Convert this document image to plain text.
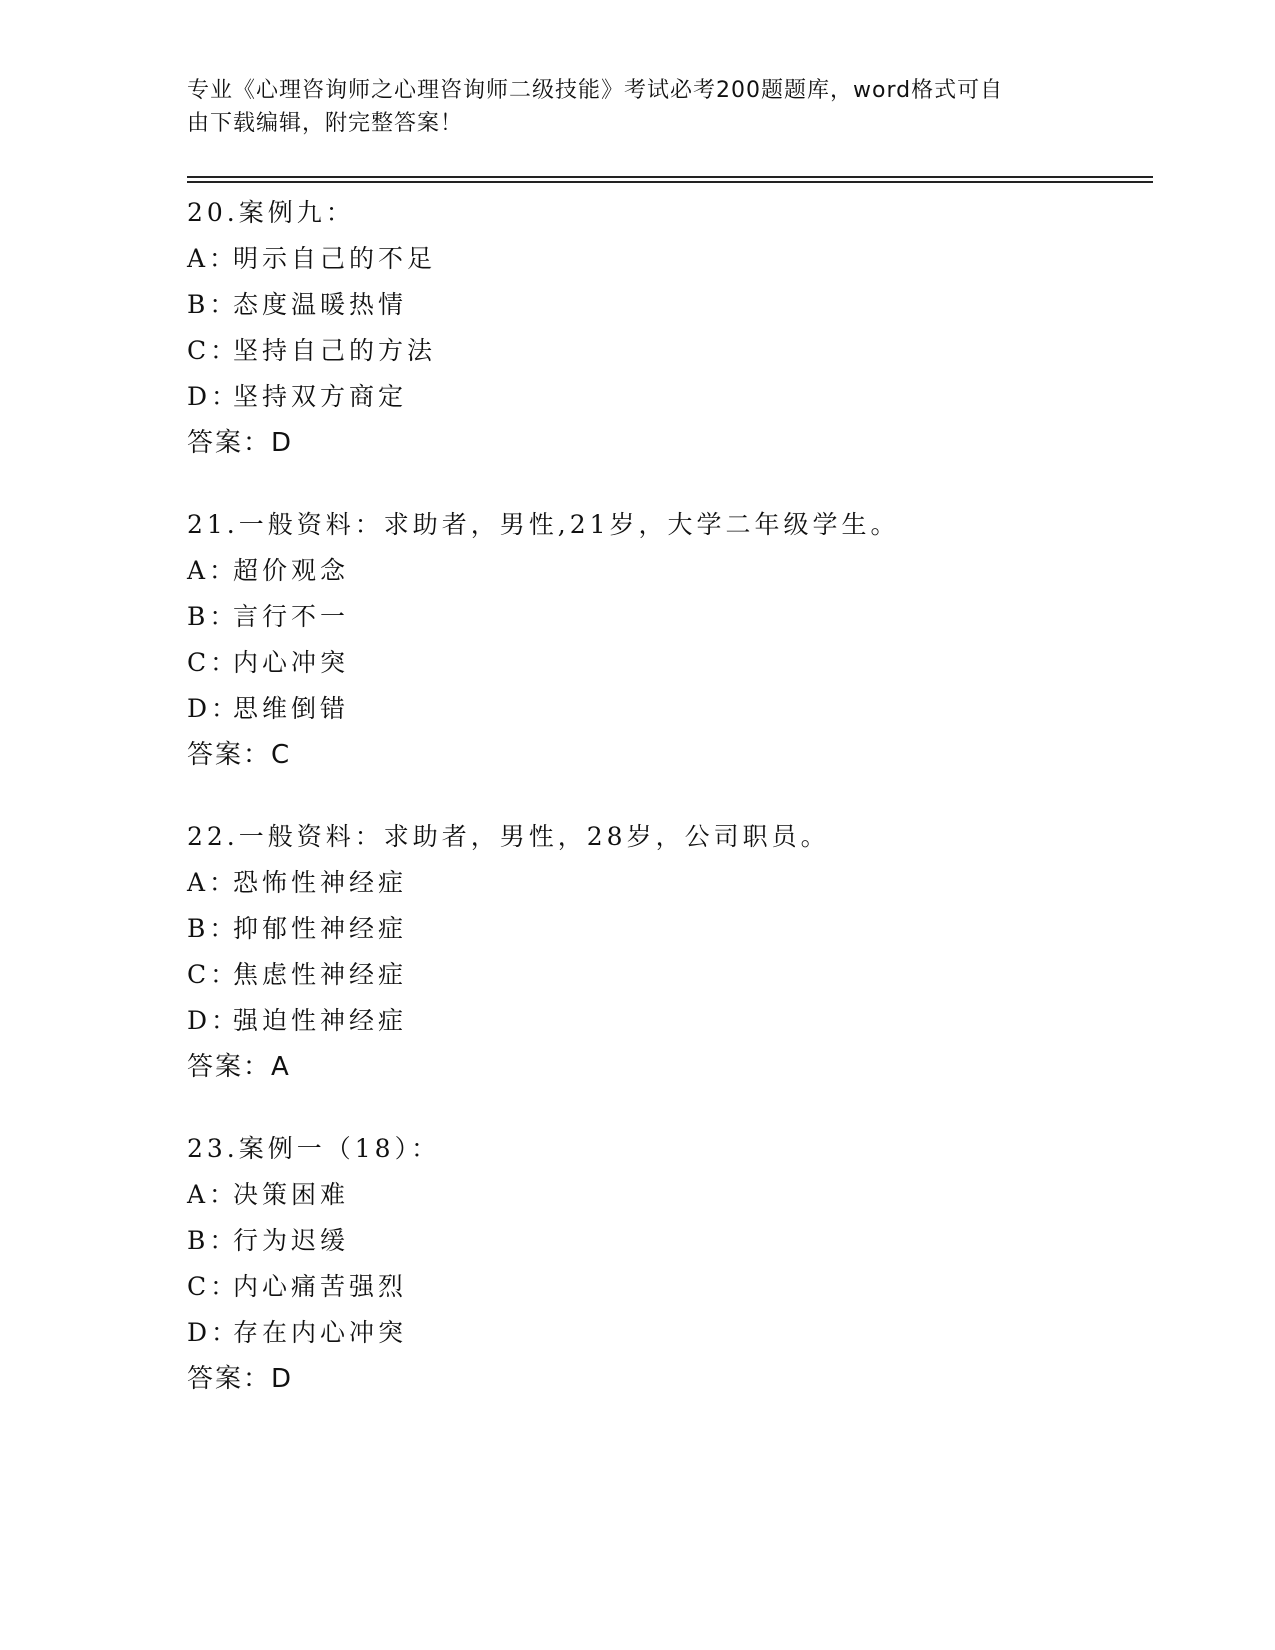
专业《心理咨询师之心理咨询师二级技能》考试必考200题题库，word格式可自
由下载编辑，附完整答案！
20.案例九：
A：明示自己的不足
B：态度温暖热情
C：坚持自己的方法
D：坚持双方商定
答案：D
21.一般资料：求助者，男性,21岁，大学二年级学生。
A：超价观念
B：言行不一
C：内心冲突
D：思维倒错
答案：C
22.一般资料：求助者，男性，28岁，公司职员。
A：恐怖性神经症
B：抑郁性神经症
C：焦虑性神经症
D：强迫性神经症
答案：A
23.案例一（18）：
A：决策困难
B：行为迟缓
C：内心痛苦强烈
D：存在内心冲突
答案：D
